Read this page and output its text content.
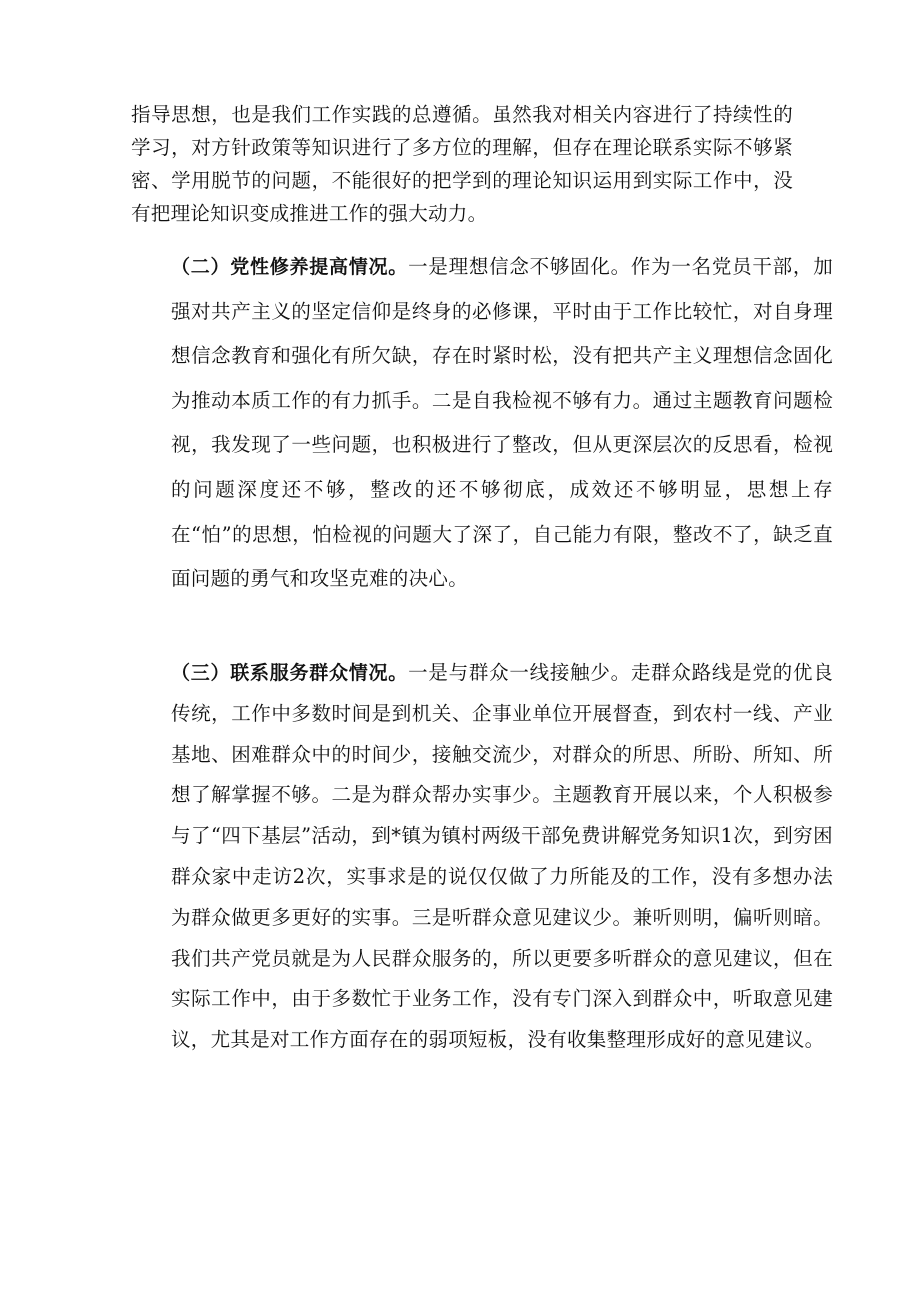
指导思想，也是我们工作实践的总遵循。虽然我对相关内容进行了持续性的学习，对方针政策等知识进行了多方位的理解，但存在理论联系实际不够紧密、学用脱节的问题，不能很好的把学到的理论知识运用到实际工作中，没有把理论知识变成推进工作的强大动力。

（二）党性修养提高情况。一是理想信念不够固化。作为一名党员干部，加强对共产主义的坚定信仰是终身的必修课，平时由于工作比较忙，对自身理想信念教育和强化有所欠缺，存在时紧时松，没有把共产主义理想信念固化为推动本质工作的有力抓手。二是自我检视不够有力。通过主题教育问题检视，我发现了一些问题，也积极进行了整改，但从更深层次的反思看，检视的问题深度还不够，整改的还不够彻底，成效还不够明显，思想上存在“怕”的思想，怕检视的问题大了深了，自己能力有限，整改不了，缺乏直面问题的勇气和攻坚克难的决心。

（三）联系服务群众情况。一是与群众一线接触少。走群众路线是党的优良传统，工作中多数时间是到机关、企事业单位开展督查，到农村一线、产业基地、困难群众中的时间少，接触交流少，对群众的所思、所盼、所知、所想了解掌握不够。二是为群众帮办实事少。主题教育开展以来，个人积极参与了“四下基层”活动，到*镇为镇村两级干部免费讲解党务知识1次，到穷困群众家中走访2次，实事求是的说仅仅做了力所能及的工作，没有多想办法为群众做更多更好的实事。三是听群众意见建议少。兼听则明，偏听则暗。我们共产党员就是为人民群众服务的，所以更要多听群众的意见建议，但在实际工作中，由于多数忙于业务工作，没有专门深入到群众中，听取意见建议，尤其是对工作方面存在的弱项短板，没有收集整理形成好的意见建议。
